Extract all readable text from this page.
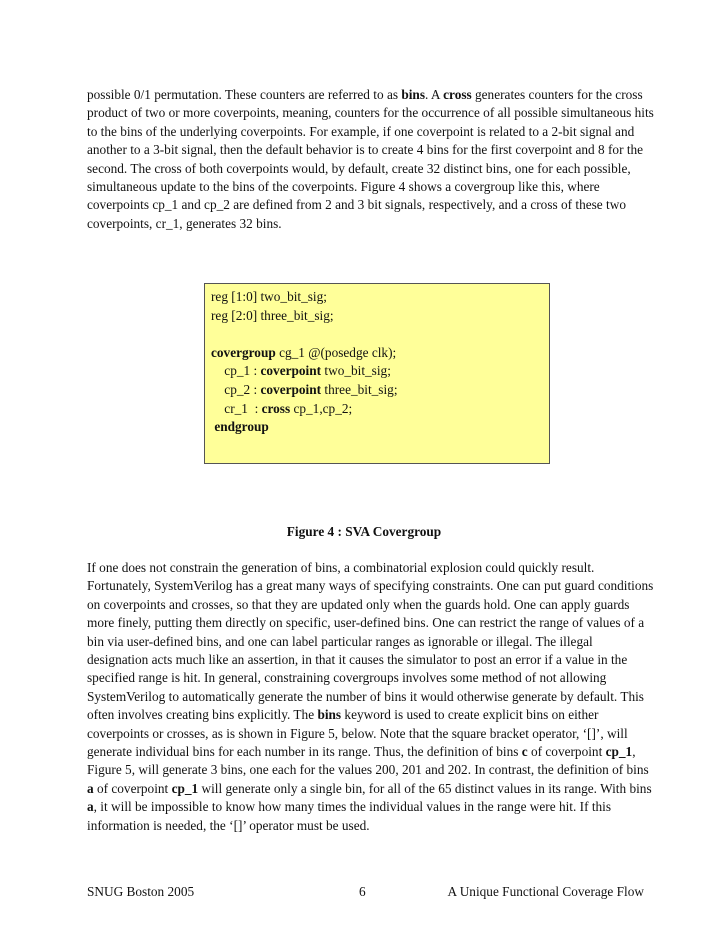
possible 0/1 permutation. These counters are referred to as bins. A cross generates counters for the cross product of two or more coverpoints, meaning, counters for the occurrence of all possible simultaneous hits to the bins of the underlying coverpoints. For example, if one coverpoint is related to a 2-bit signal and another to a 3-bit signal, then the default behavior is to create 4 bins for the first coverpoint and 8 for the second. The cross of both coverpoints would, by default, create 32 distinct bins, one for each possible, simultaneous update to the bins of the coverpoints. Figure 4 shows a covergroup like this, where coverpoints cp_1 and cp_2 are defined from 2 and 3 bit signals, respectively, and a cross of these two coverpoints, cr_1, generates 32 bins.

reg [1:0] two_bit_sig;
reg [2:0] three_bit_sig;
covergroup cg_1 @(posedge clk);
cp_1 : coverpoint two_bit_sig;
cp_2 : coverpoint three_bit_sig;
cr_1  : cross cp_1,cp_2;
endgroup
Figure 4 : SVA Covergroup

If one does not constrain the generation of bins, a combinatorial explosion could quickly result. Fortunately, SystemVerilog has a great many ways of specifying constraints. One can put guard conditions on coverpoints and crosses, so that they are updated only when the guards hold. One can apply guards more finely, putting them directly on specific, user-defined bins. One can restrict the range of values of a bin via user-defined bins, and one can label particular ranges as ignorable or illegal. The illegal designation acts much like an assertion, in that it causes the simulator to post an error if a value in the specified range is hit. In general, constraining covergroups involves some method of not allowing SystemVerilog to automatically generate the number of bins it would otherwise generate by default. This often involves creating bins explicitly. The bins keyword is used to create explicit bins on either coverpoints or crosses, as is shown in Figure 5, below. Note that the square bracket operator, ‘[]’, will generate individual bins for each number in its range. Thus, the definition of bins c of coverpoint cp_1, Figure 5, will generate 3 bins, one each for the values 200, 201 and 202. In contrast, the definition of bins a of coverpoint cp_1 will generate only a single bin, for all of the 65 distinct values in its range. With bins a, it will be impossible to know how many times the individual values in the range were hit. If this information is needed, the ‘[]’ operator must be used.

SNUG Boston 2005	6	A Unique Functional Coverage Flow
